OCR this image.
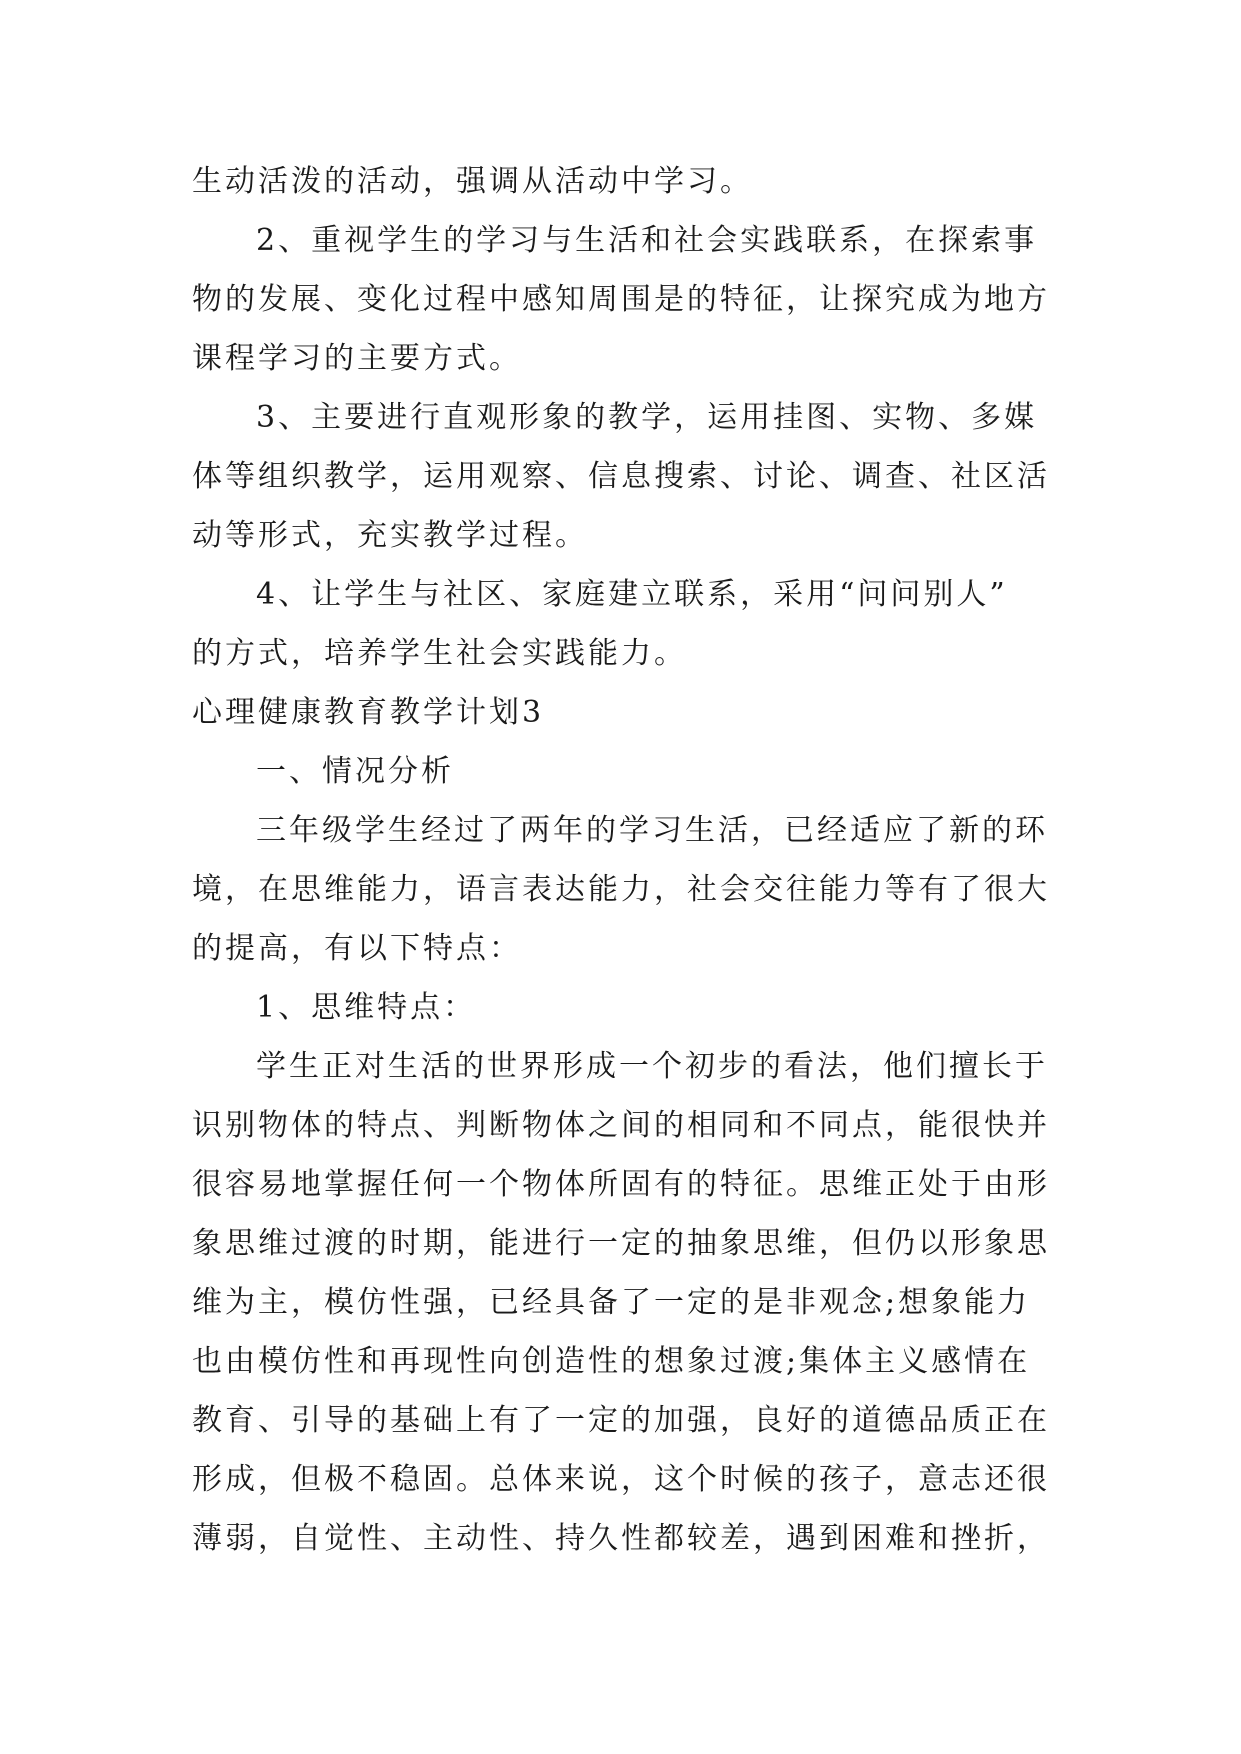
生动活泼的活动，强调从活动中学习。
2、重视学生的学习与生活和社会实践联系，在探索事
物的发展、变化过程中感知周围是的特征，让探究成为地方
课程学习的主要方式。
3、主要进行直观形象的教学，运用挂图、实物、多媒
体等组织教学，运用观察、信息搜索、讨论、调查、社区活
动等形式，充实教学过程。
4、让学生与社区、家庭建立联系，采用“问问别人”
的方式，培养学生社会实践能力。
心理健康教育教学计划3
一、情况分析
三年级学生经过了两年的学习生活，已经适应了新的环
境，在思维能力，语言表达能力，社会交往能力等有了很大
的提高，有以下特点：
1、思维特点：
学生正对生活的世界形成一个初步的看法，他们擅长于
识别物体的特点、判断物体之间的相同和不同点，能很快并
很容易地掌握任何一个物体所固有的特征。思维正处于由形
象思维过渡的时期，能进行一定的抽象思维，但仍以形象思
维为主，模仿性强，已经具备了一定的是非观念;想象能力
也由模仿性和再现性向创造性的想象过渡;集体主义感情在
教育、引导的基础上有了一定的加强，良好的道德品质正在
形成，但极不稳固。总体来说，这个时候的孩子，意志还很
薄弱，自觉性、主动性、持久性都较差，遇到困难和挫折，
